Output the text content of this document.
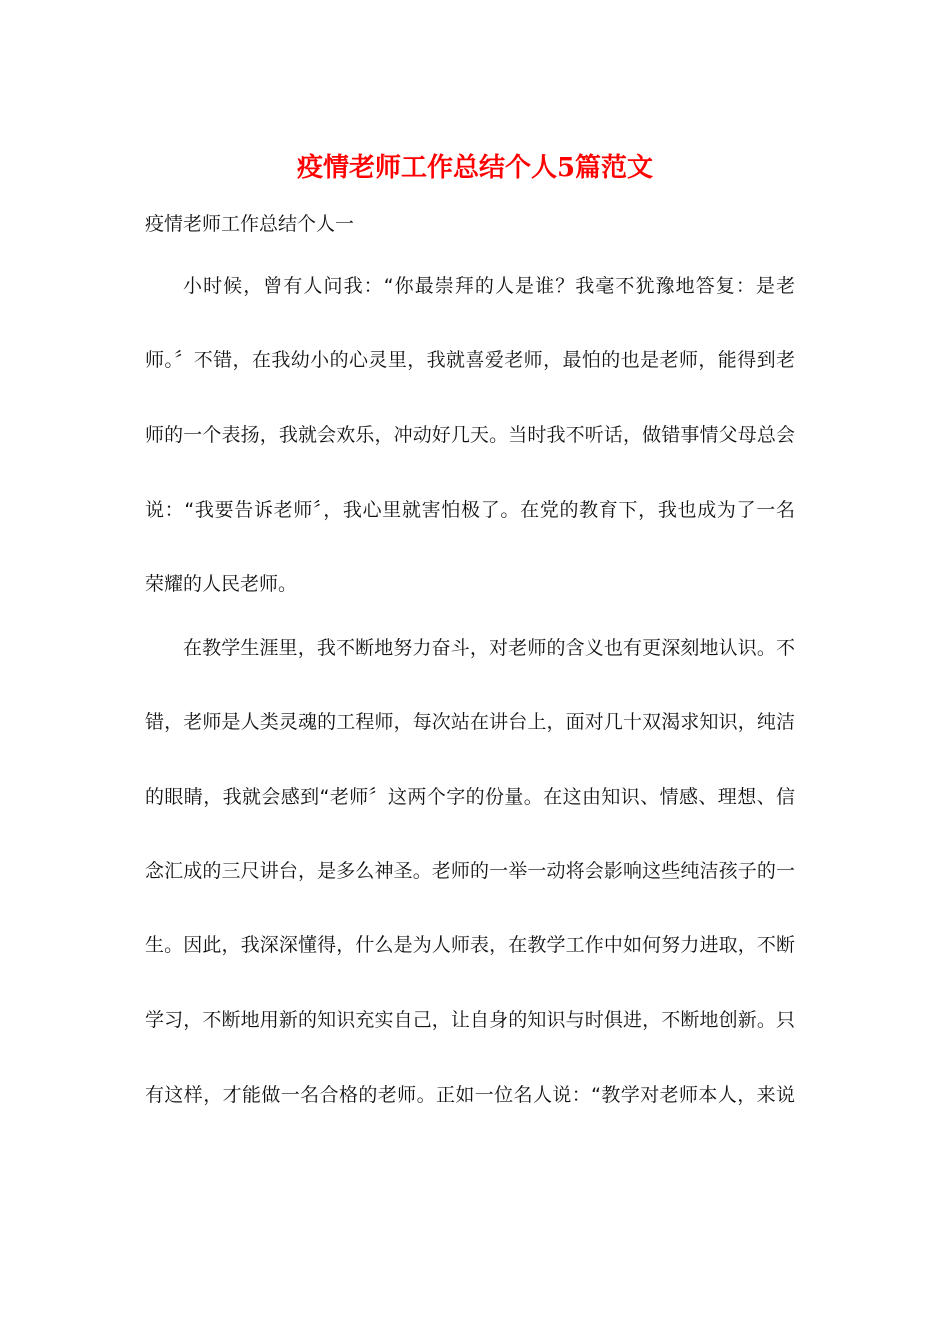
疫情老师工作总结个人5篇范文

疫情老师工作总结个人一

小时候，曾有人问我：“你最崇拜的人是谁？我毫不犹豫地答复：是老

师。〞不错，在我幼小的心灵里，我就喜爱老师，最怕的也是老师，能得到老

师的一个表扬，我就会欢乐，冲动好几天。当时我不听话，做错事情父母总会

说：“我要告诉老师〞，我心里就害怕极了。在党的教育下，我也成为了一名

荣耀的人民老师。

在教学生涯里，我不断地努力奋斗，对老师的含义也有更深刻地认识。不

错，老师是人类灵魂的工程师，每次站在讲台上，面对几十双渴求知识，纯洁

的眼睛，我就会感到“老师〞这两个字的份量。在这由知识、情感、理想、信

念汇成的三尺讲台，是多么神圣。老师的一举一动将会影响这些纯洁孩子的一

生。因此，我深深懂得，什么是为人师表，在教学工作中如何努力进取，不断

学习，不断地用新的知识充实自己，让自身的知识与时俱进，不断地创新。只

有这样，才能做一名合格的老师。正如一位名人说：“教学对老师本人，来说
